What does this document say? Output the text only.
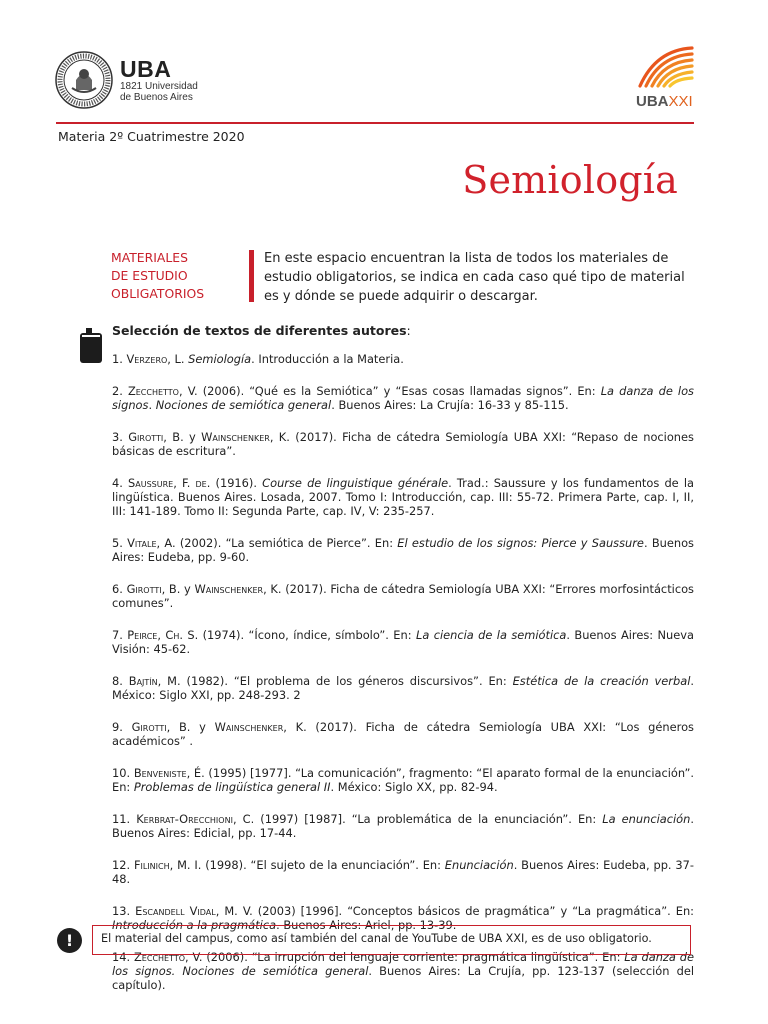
UBA
1821 Universidad
de Buenos Aires	UBAXXI
Materia 2º Cuatrimestre 2020
Semiología
MATERIALES
DE ESTUDIO
OBLIGATORIOS
En este espacio encuentran la lista de todos los materiales de estudio obligatorios, se indica en cada caso qué tipo de material es y dónde se puede adquirir o descargar.
Selección de textos de diferentes autores:

1. Verzero, L. Semiología. Introducción a la Materia.

2. Zecchetto, V. (2006). “Qué es la Semiótica” y “Esas cosas llamadas signos”. En: La danza de los signos. Nociones de semiótica general. Buenos Aires: La Crujía: 16-33 y 85-115.

3. Girotti, B. y Wainschenker, K. (2017). Ficha de cátedra Semiología UBA XXI: “Repaso de nociones básicas de escritura”.

4. Saussure, F. de. (1916). Course de linguistique générale. Trad.: Saussure y los fundamentos de la lingüística. Buenos Aires. Losada, 2007. Tomo I: Introducción, cap. III: 55-72. Primera Parte, cap. I, II, III: 141-189. Tomo II: Segunda Parte, cap. IV, V: 235-257.

5. Vitale, A. (2002). “La semiótica de Pierce”. En: El estudio de los signos: Pierce y Saussure. Buenos Aires: Eudeba, pp. 9-60.

6. Girotti, B. y Wainschenker, K. (2017). Ficha de cátedra Semiología UBA XXI: “Errores morfosintácticos comunes”.

7. Peirce, Ch. S. (1974). “Ícono, índice, símbolo”. En: La ciencia de la semiótica. Buenos Aires: Nueva Visión: 45-62.

8. Bajtín, M. (1982). “El problema de los géneros discursivos”. En: Estética de la creación verbal. México: Siglo XXI, pp. 248-293. 2

9. Girotti, B. y Wainschenker, K. (2017). Ficha de cátedra Semiología UBA XXI: “Los géneros académicos” .

10. Benveniste, É. (1995) [1977]. “La comunicación”, fragmento: “El aparato formal de la enunciación”. En: Problemas de lingüística general II. México: Siglo XX, pp. 82-94.

11. Kerbrat-Orecchioni, C. (1997) [1987]. “La problemática de la enunciación”. En: La enunciación. Buenos Aires: Edicial, pp. 17-44.

12. Filinich, M. I. (1998). “El sujeto de la enunciación”. En: Enunciación. Buenos Aires: Eudeba, pp. 37-48.

13. Escandell Vidal, M. V. (2003) [1996]. “Conceptos básicos de pragmática” y “La pragmática”. En: Introducción a la pragmática. Buenos Aires: Ariel, pp. 13-39.

14. Zecchetto, V. (2006). “La irrupción del lenguaje corriente: pragmática lingüística”. En: La danza de los signos. Nociones de semiótica general. Buenos Aires: La Crujía, pp. 123-137 (selección del capítulo).

!	El material del campus, como así también del canal de YouTube de UBA XXI, es de uso obligatorio.
